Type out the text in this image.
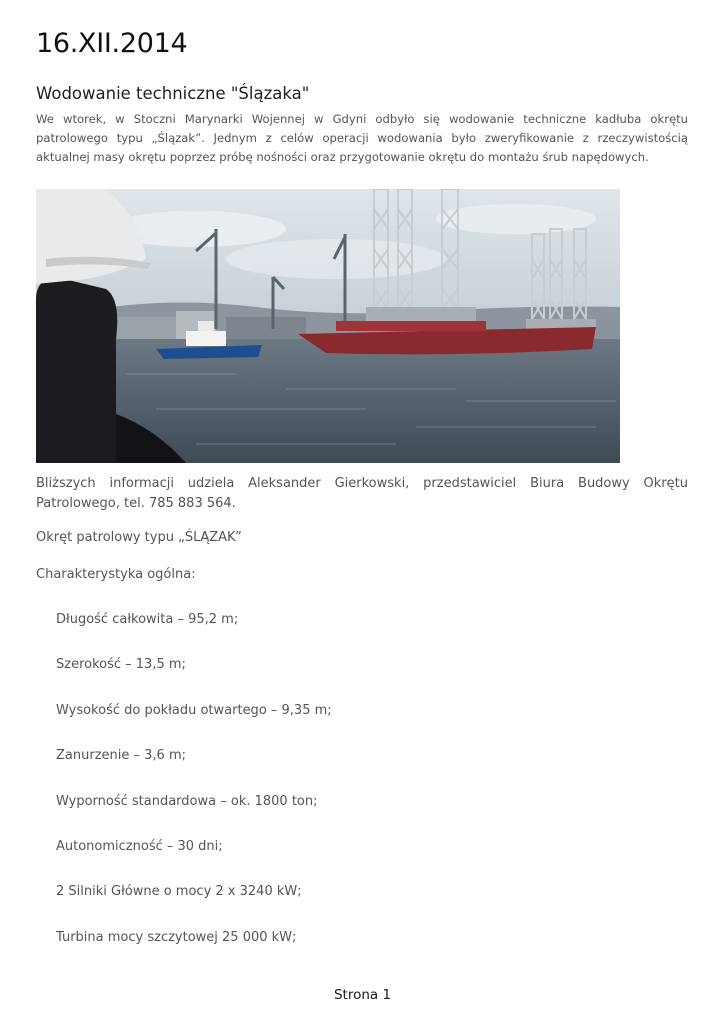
16.XII.2014
Wodowanie techniczne "Ślązaka"

We wtorek, w Stoczni Marynarki Wojennej w Gdyni odbyło się wodowanie techniczne kadłuba okrętu patrolowego typu „Ślązak”. Jednym z celów operacji wodowania było zweryfikowanie z rzeczywistością aktualnej masy okrętu poprzez próbę nośności oraz przygotowanie okrętu do montażu śrub napędowych.

Bliższych informacji udziela Aleksander Gierkowski, przedstawiciel Biura Budowy Okrętu Patrolowego, tel. 785 883 564.

Okręt patrolowy typu „ŚLĄZAK”

Charakterystyka ogólna:

Długość całkowita – 95,2 m;

Szerokość – 13,5 m;

Wysokość do pokładu otwartego – 9,35 m;

Zanurzenie – 3,6 m;

Wyporność standardowa – ok. 1800 ton;

Autonomiczność – 30 dni;

2 Silniki Główne o mocy 2 x 3240 kW;

Turbina mocy szczytowej 25 000 kW;

Strona 1
